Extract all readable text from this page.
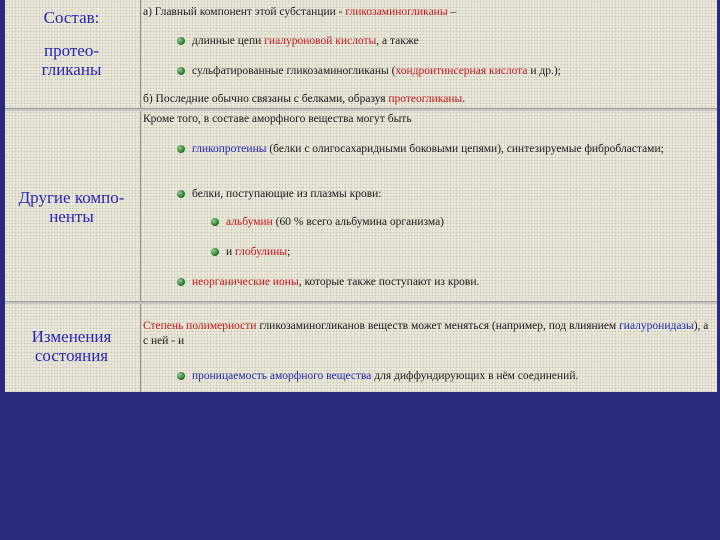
Состав:
протео-
гликаны
а) Главный компонент этой субстанции - гликозаминогликаны –
длинные цепи гиалуроновой кислоты, а также
сульфатированные гликозаминогликаны (хондроитинсерная кислота и др.);
б) Последние обычно связаны с белками, образуя протеогликаны.
Другие компо-
ненты
Кроме того, в составе аморфного вещества могут быть
гликопротеины (белки с олигосахаридными боковыми цепями), синтезируемые фибробластами;
белки, поступающие из плазмы крови:
альбумин (60 % всего альбумина организма)
и глобулины;
неорганические ионы, которые также поступают из крови.
Изменения
состояния
Степень полимерности гликозаминогликанов веществ может меняться (например, под влиянием гиалуронидазы), а с ней - и
проницаемость аморфного вещества для диффундирующих в нём соединений.
